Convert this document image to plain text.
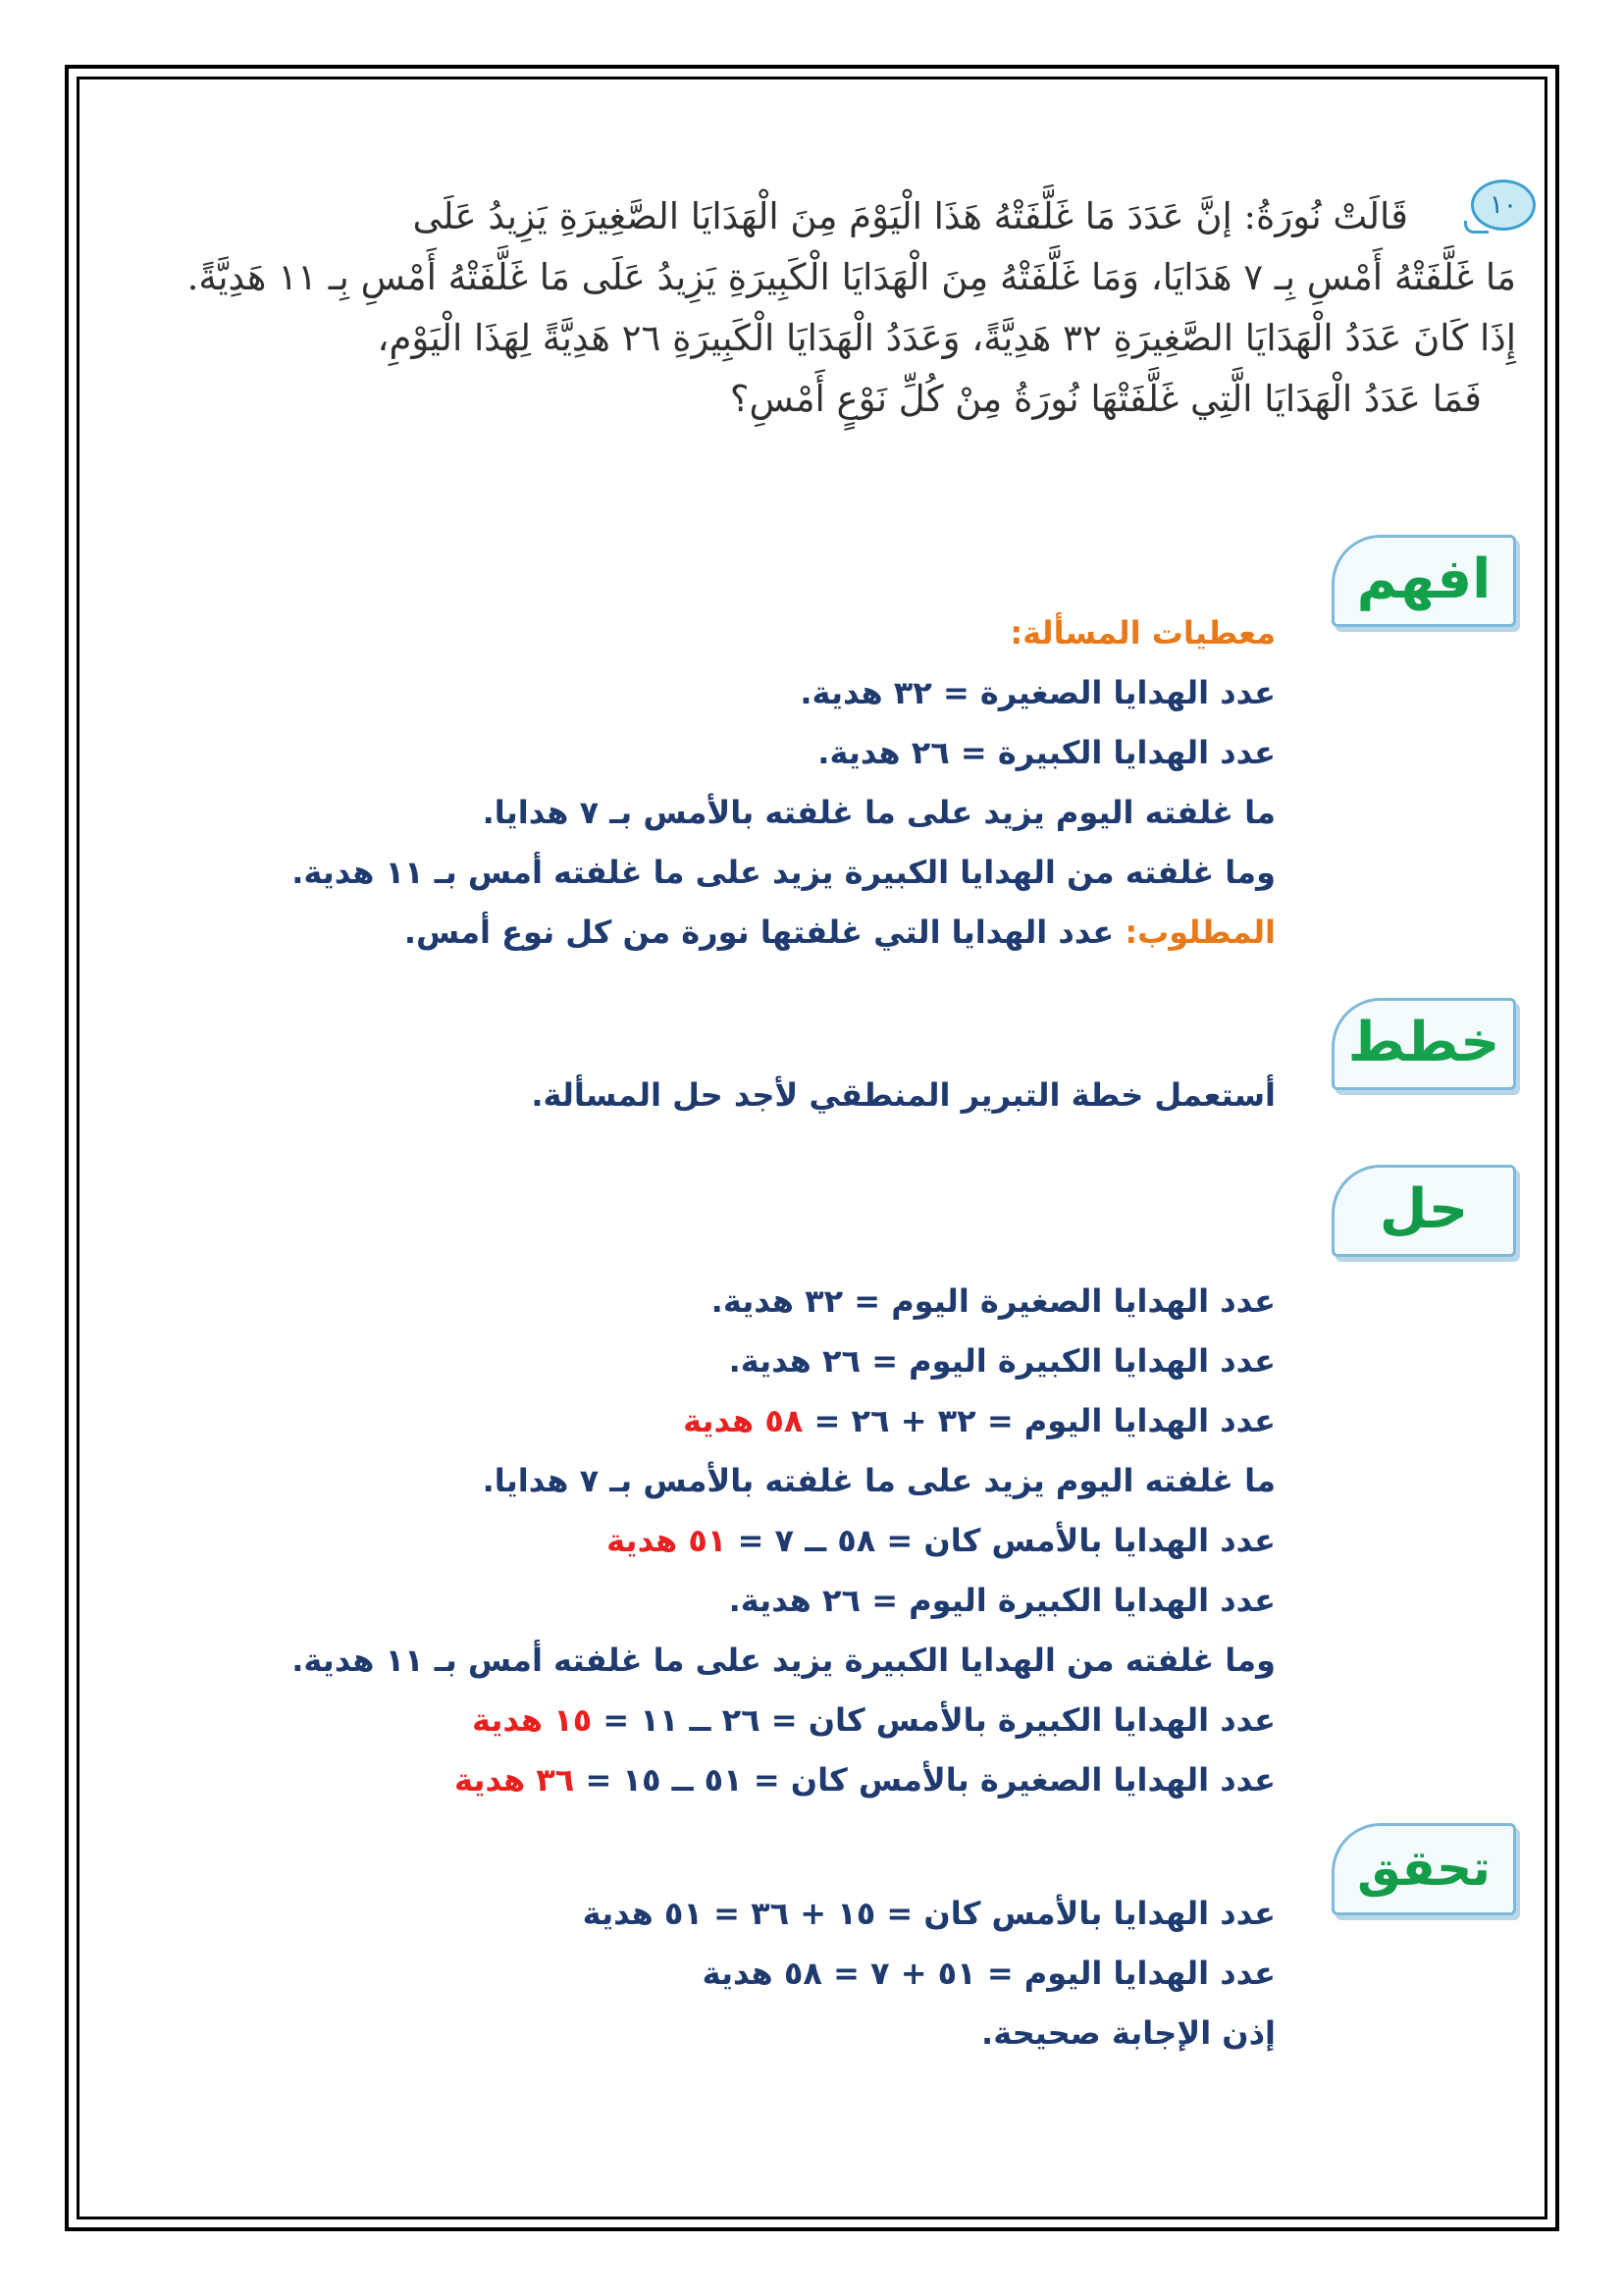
١٠
قَالَتْ نُورَةُ: إنَّ عَدَدَ مَا غَلَّفَتْهُ هَذَا الْيَوْمَ مِنَ الْهَدَايَا الصَّغِيرَةِ يَزِيدُ عَلَى
مَا غَلَّفَتْهُ أَمْسِ بِـ ٧ هَدَايَا، وَمَا غَلَّفَتْهُ مِنَ الْهَدَايَا الْكَبِيرَةِ يَزِيدُ عَلَى مَا غَلَّفَتْهُ أَمْسِ بِـ ١١ هَدِيَّةً.
إِذَا كَانَ عَدَدُ الْهَدَايَا الصَّغِيرَةِ ٣٢ هَدِيَّةً، وَعَدَدُ الْهَدَايَا الْكَبِيرَةِ ٢٦ هَدِيَّةً لِهَذَا الْيَوْمِ،
فَمَا عَدَدُ الْهَدَايَا الَّتِي غَلَّفَتْهَا نُورَةُ مِنْ كُلِّ نَوْعٍ أَمْسِ؟
افهم
معطيات المسألة:
عدد الهدايا الصغيرة = ٣٢ هدية.
عدد الهدايا الكبيرة = ٢٦ هدية.
ما غلفته اليوم يزيد على ما غلفته بالأمس بـ ٧ هدايا.
وما غلفته من الهدايا الكبيرة يزيد على ما غلفته أمس بـ ١١ هدية.
المطلوب: عدد الهدايا التي غلفتها نورة من كل نوع أمس.
خطط
أستعمل خطة التبرير المنطقي لأجد حل المسألة.
حل
عدد الهدايا الصغيرة اليوم = ٣٢ هدية.
عدد الهدايا الكبيرة اليوم = ٢٦ هدية.
عدد الهدايا اليوم = ٣٢ + ٢٦ = ٥٨ هدية
ما غلفته اليوم يزيد على ما غلفته بالأمس بـ ٧ هدايا.
عدد الهدايا بالأمس كان = ٥٨ ــ ٧ = ٥١ هدية
عدد الهدايا الكبيرة اليوم = ٢٦ هدية.
وما غلفته من الهدايا الكبيرة يزيد على ما غلفته أمس بـ ١١ هدية.
عدد الهدايا الكبيرة بالأمس كان = ٢٦ ــ ١١ = ١٥ هدية
عدد الهدايا الصغيرة بالأمس كان = ٥١ ــ ١٥ = ٣٦ هدية
تحقق
عدد الهدايا بالأمس كان = ١٥ + ٣٦ = ٥١ هدية
عدد الهدايا اليوم = ٥١ + ٧ = ٥٨ هدية
إذن الإجابة صحيحة.
